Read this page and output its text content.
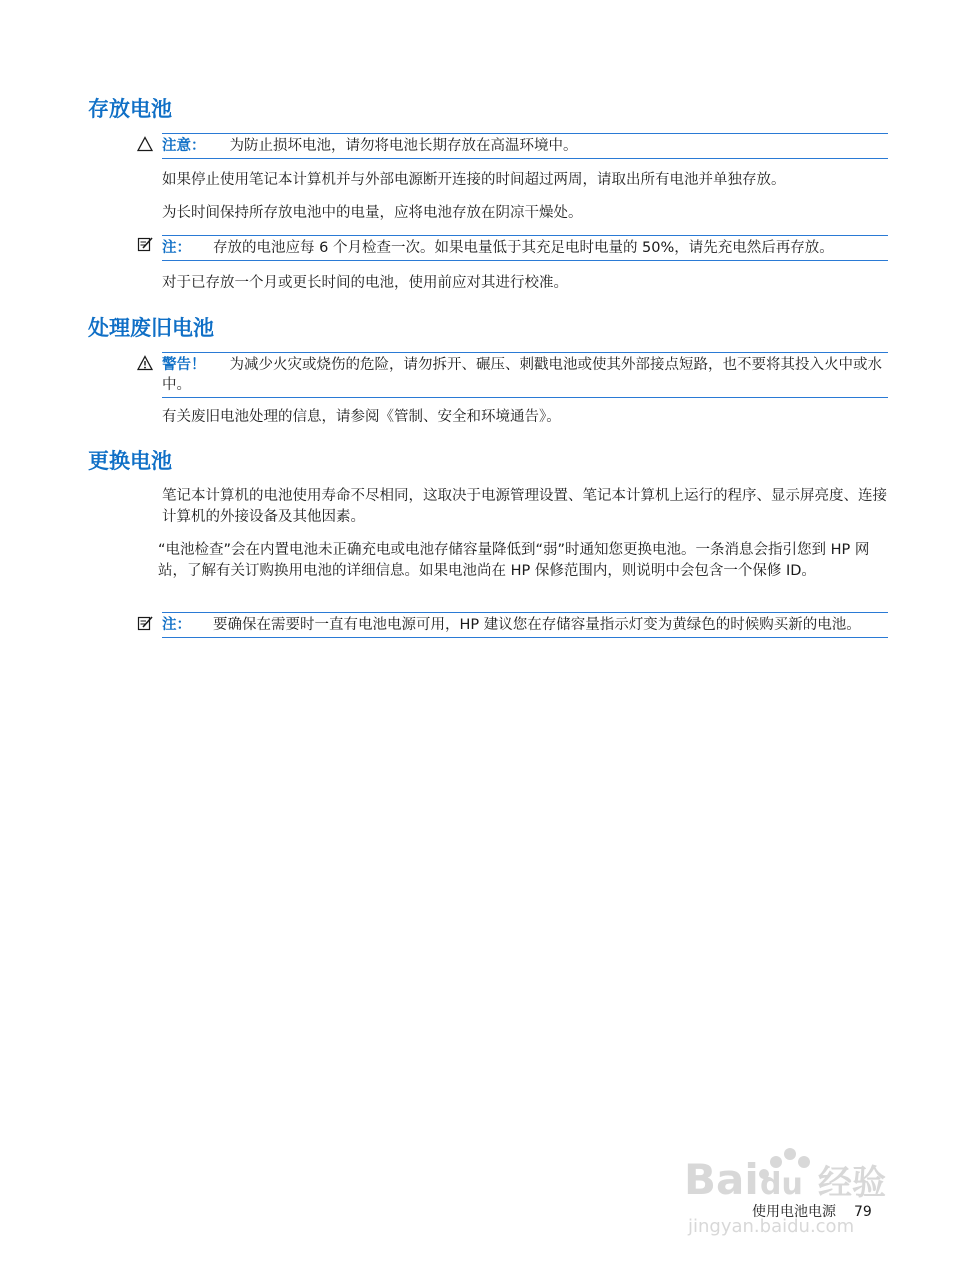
存放电池
注意： 为防止损坏电池，请勿将电池长期存放在高温环境中。

如果停止使用笔记本计算机并与外部电源断开连接的时间超过两周，请取出所有电池并单独存放。

为长时间保持所存放电池中的电量，应将电池存放在阴凉干燥处。

注： 存放的电池应每 6 个月检查一次。如果电量低于其充足电时电量的 50%，请先充电然后再存放。

对于已存放一个月或更长时间的电池，使用前应对其进行校准。

处理废旧电池
警告！ 为减少火灾或烧伤的危险，请勿拆开、碾压、刺戳电池或使其外部接点短路，也不要将其投入火中或水中。

有关废旧电池处理的信息，请参阅《管制、安全和环境通告》。

更换电池

笔记本计算机的电池使用寿命不尽相同，这取决于电源管理设置、笔记本计算机上运行的程序、显示屏亮度、连接计算机的外接设备及其他因素。

“电池检查”会在内置电池未正确充电或电池存储容量降低到“弱”时通知您更换电池。一条消息会指引您到 HP 网站，了解有关订购换用电池的详细信息。如果电池尚在 HP 保修范围内，则说明中会包含一个保修 ID。

注： 要确保在需要时一直有电池电源可用，HP 建议您在存储容量指示灯变为黄绿色的时候购买新的电池。
Bai du 经验
jingyan.baidu.com
使用电池电源 79
